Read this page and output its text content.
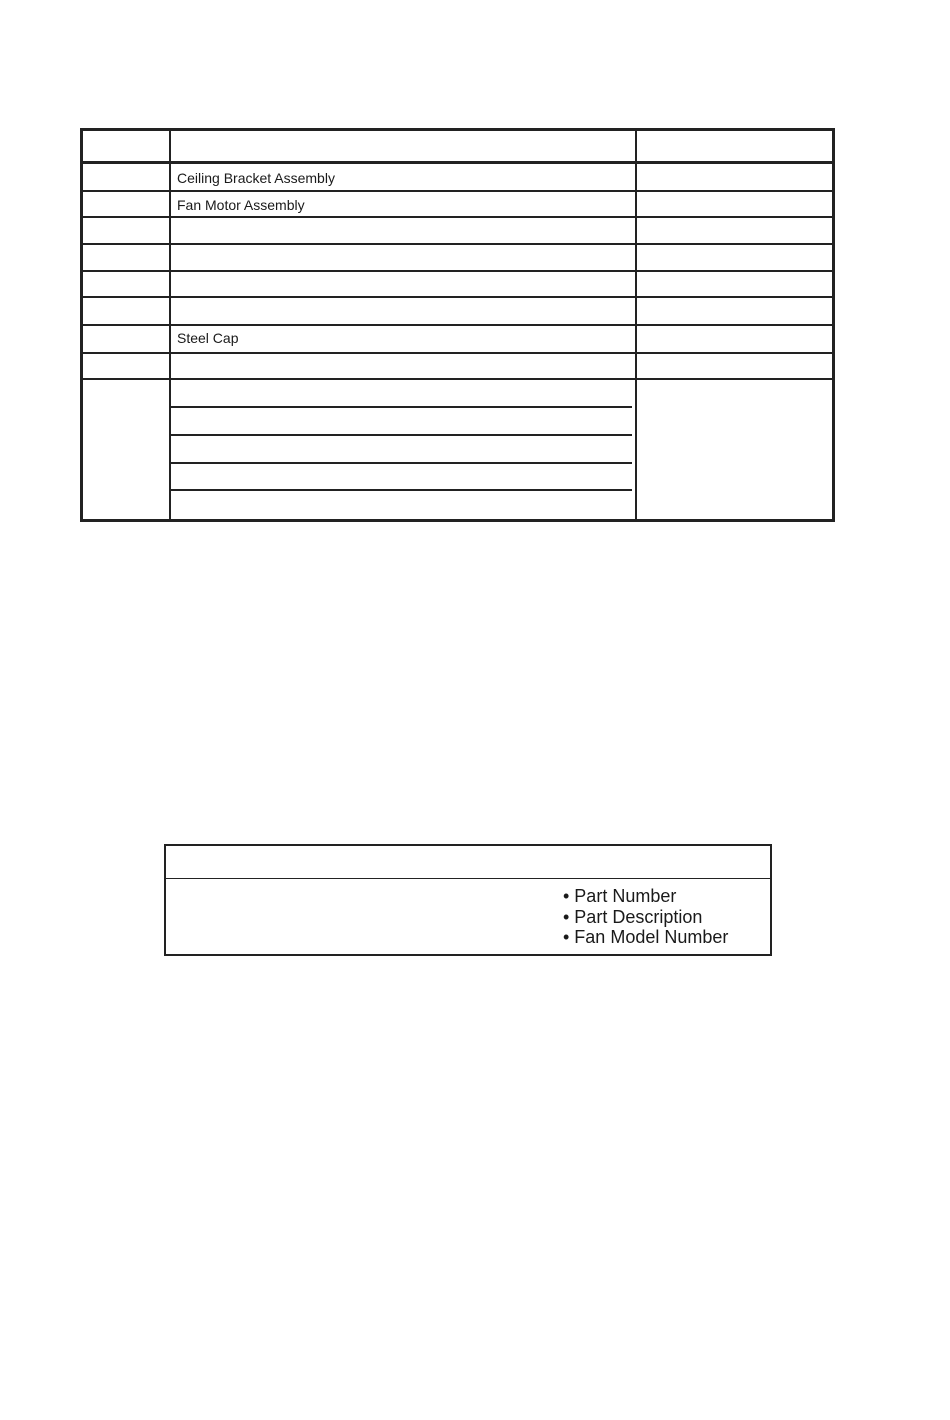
Ceiling Bracket Assembly
Fan Motor Assembly
Steel Cap
• Part Number
• Part Description
• Fan Model Number
